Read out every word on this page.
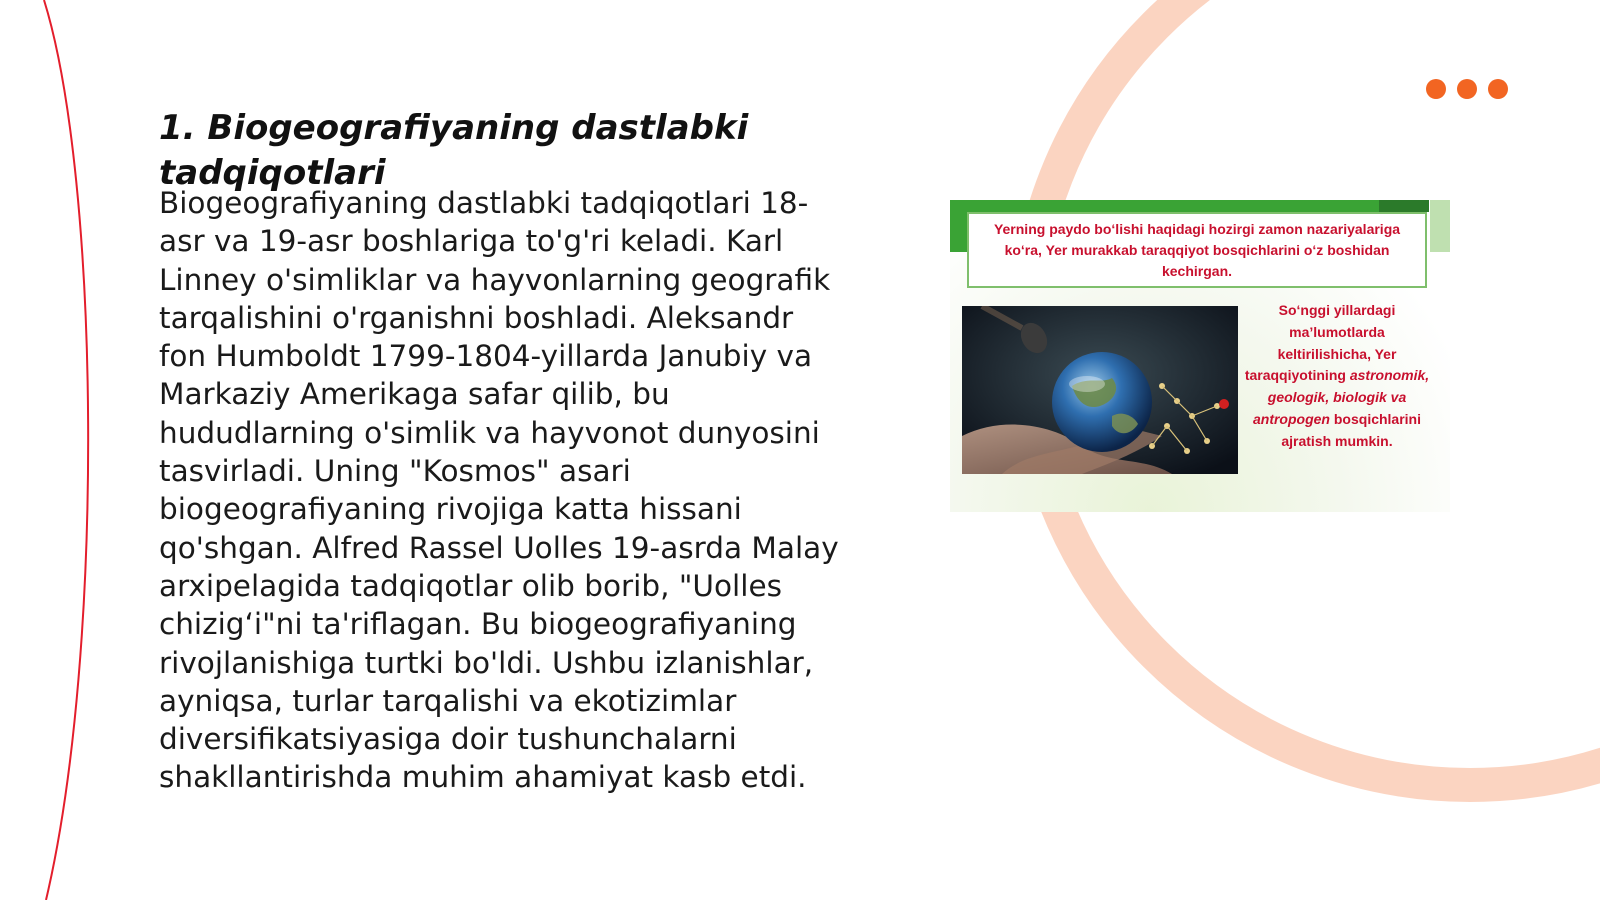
1. Biogeografiyaning dastlabki tadqiqotlari

Biogeografiyaning dastlabki tadqiqotlari 18-asr va 19-asr boshlariga to'g'ri keladi. Karl Linney o'simliklar va hayvonlarning geografik tarqalishini o'rganishni boshladi. Aleksandr fon Humboldt 1799-1804-yillarda Janubiy va Markaziy Amerikaga safar qilib, bu hududlarning o'simlik va hayvonot dunyosini tasvirladi. Uning "Kosmos" asari biogeografiyaning rivojiga katta hissani qo'shgan. Alfred Rassel Uolles 19-asrda Malay arxipelagida tadqiqotlar olib borib, "Uolles chizig‘i"ni ta'riflagan. Bu biogeografiyaning rivojlanishiga turtki bo'ldi. Ushbu izlanishlar, ayniqsa, turlar tarqalishi va ekotizimlar diversifikatsiyasiga doir tushunchalarni shakllantirishda muhim ahamiyat kasb etdi.

Yerning paydo bo‘lishi haqidagi hozirgi zamon nazariyalariga ko‘ra, Yer murakkab taraqqiyot bosqichlarini o‘z boshidan kechirgan.
So‘nggi yillardagi ma’lumotlarda keltirilishicha, Yer taraqqiyotining astronomik, geologik, biologik va antropogen bosqichlarini ajratish mumkin.
